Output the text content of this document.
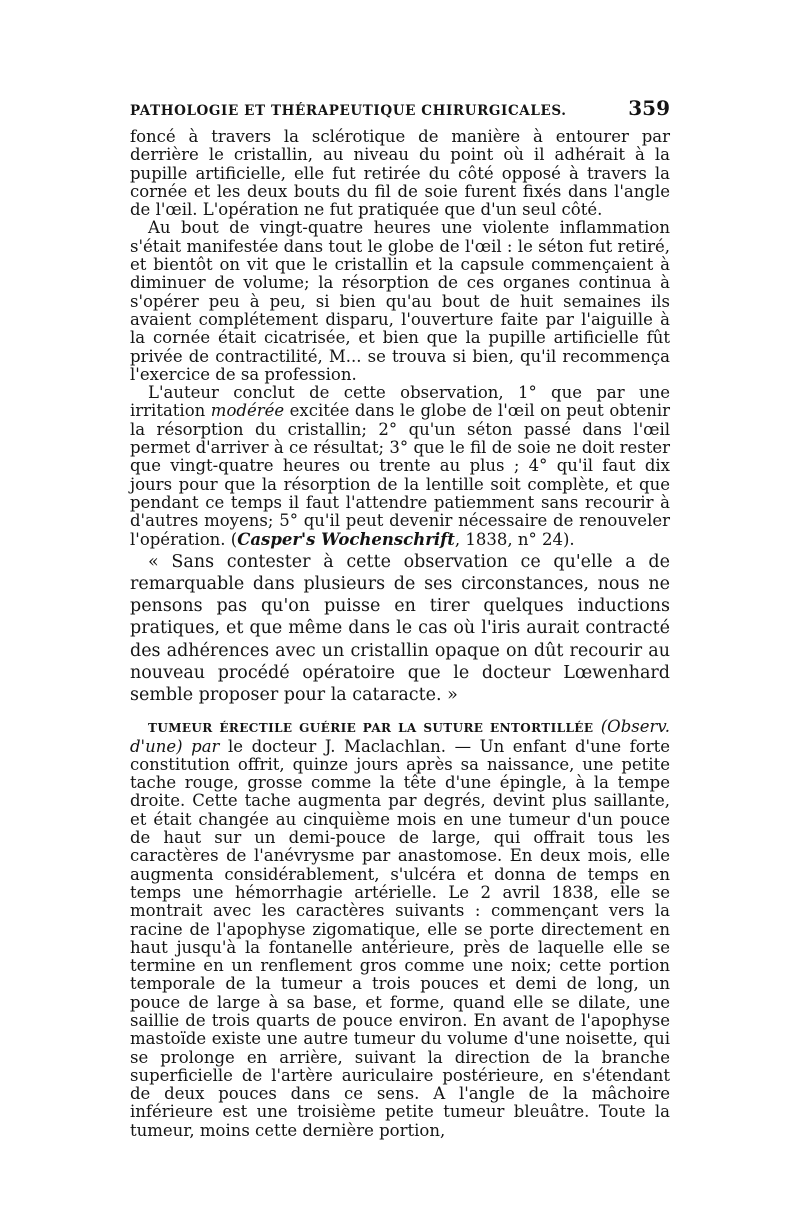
PATHOLOGIE ET THÉRAPEUTIQUE CHIRURGICALES.	359

foncé à travers la sclérotique de manière à entourer par derrière le cristallin, au niveau du point où il adhérait à la pupille artificielle, elle fut retirée du côté opposé à travers la cornée et les deux bouts du fil de soie furent fixés dans l'angle de l'œil. L'opération ne fut pratiquée que d'un seul côté.

Au bout de vingt-quatre heures une violente inflammation s'était manifestée dans tout le globe de l'œil : le séton fut retiré, et bientôt on vit que le cristallin et la capsule commençaient à diminuer de volume; la résorption de ces organes continua à s'opérer peu à peu, si bien qu'au bout de huit semaines ils avaient complétement disparu, l'ouverture faite par l'aiguille à la cornée était cicatrisée, et bien que la pupille artificielle fût privée de contractilité, M... se trouva si bien, qu'il recommença l'exercice de sa profession.

L'auteur conclut de cette observation, 1° que par une irritation modérée excitée dans le globe de l'œil on peut obtenir la résorption du cristallin; 2° qu'un séton passé dans l'œil permet d'arriver à ce résultat; 3° que le fil de soie ne doit rester que vingt-quatre heures ou trente au plus ; 4° qu'il faut dix jours pour que la résorption de la lentille soit complète, et que pendant ce temps il faut l'attendre patiemment sans recourir à d'autres moyens; 5° qu'il peut devenir nécessaire de renouveler l'opération. (Casper's Wochenschrift, 1838, n° 24).

« Sans contester à cette observation ce qu'elle a de remarquable dans plusieurs de ses circonstances, nous ne pensons pas qu'on puisse en tirer quelques inductions pratiques, et que même dans le cas où l'iris aurait contracté des adhérences avec un cristallin opaque on dût recourir au nouveau procédé opératoire que le docteur Lœwenhard semble proposer pour la cataracte. »

TUMEUR ÉRECTILE GUÉRIE PAR LA SUTURE ENTORTILLÉE (Observ. d'une) par le docteur J. Maclachlan. — Un enfant d'une forte constitution offrit, quinze jours après sa naissance, une petite tache rouge, grosse comme la tête d'une épingle, à la tempe droite. Cette tache augmenta par degrés, devint plus saillante, et était changée au cinquième mois en une tumeur d'un pouce de haut sur un demi-pouce de large, qui offrait tous les caractères de l'anévrysme par anastomose. En deux mois, elle augmenta considérablement, s'ulcéra et donna de temps en temps une hémorrhagie artérielle. Le 2 avril 1838, elle se montrait avec les caractères suivants : commençant vers la racine de l'apophyse zigomatique, elle se porte directement en haut jusqu'à la fontanelle antérieure, près de laquelle elle se termine en un renflement gros comme une noix; cette portion temporale de la tumeur a trois pouces et demi de long, un pouce de large à sa base, et forme, quand elle se dilate, une saillie de trois quarts de pouce environ. En avant de l'apophyse mastoïde existe une autre tumeur du volume d'une noisette, qui se prolonge en arrière, suivant la direction de la branche superficielle de l'artère auriculaire postérieure, en s'étendant de deux pouces dans ce sens. A l'angle de la mâchoire inférieure est une troisième petite tumeur bleuâtre. Toute la tumeur, moins cette dernière portion,
